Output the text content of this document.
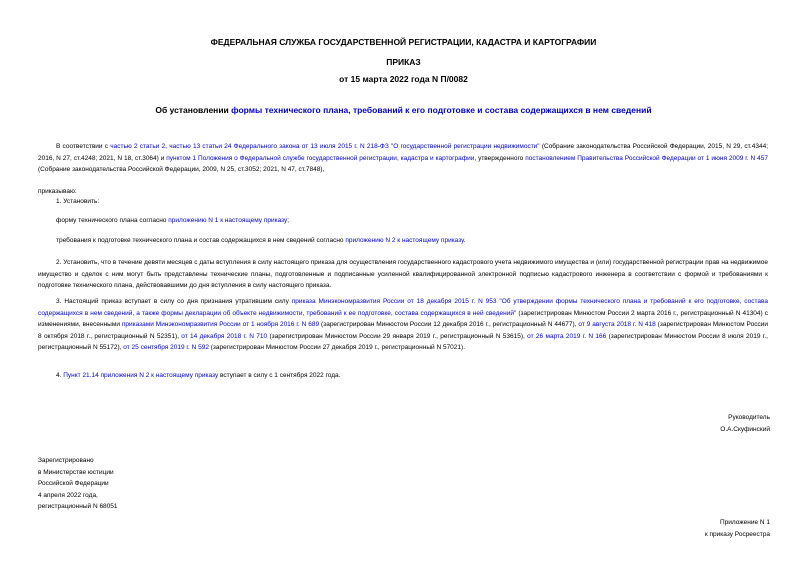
ФЕДЕРАЛЬНАЯ СЛУЖБА ГОСУДАРСТВЕННОЙ РЕГИСТРАЦИИ, КАДАСТРА И КАРТОГРАФИИ
ПРИКАЗ
от 15 марта 2022 года N П/0082
Об установлении формы технического плана, требований к его подготовке и состава содержащихся в нем сведений
В соответствии с частью 2 статьи 2, частью 13 статьи 24 Федерального закона от 13 июля 2015 г. N 218-ФЗ "О государственной регистрации недвижимости" (Собрание законодательства Российской Федерации, 2015, N 29, ст.4344; 2016, N 27, ст.4248; 2021, N 18, ст.3064) и пунктом 1 Положения о Федеральной службе государственной регистрации, кадастра и картографии, утвержденного постановлением Правительства Российской Федерации от 1 июня 2009 г. N 457 (Собрание законодательства Российской Федерации, 2009, N 25, ст.3052; 2021, N 47, ст.7848),
приказываю:
1. Установить:
форму технического плана согласно приложению N 1 к настоящему приказу;
требования к подготовке технического плана и состав содержащихся в нем сведений согласно приложению N 2 к настоящему приказу.
2. Установить, что в течение девяти месяцев с даты вступления в силу настоящего приказа для осуществления государственного кадастрового учета недвижимого имущества и (или) государственной регистрации прав на недвижимое имущество и сделок с ним могут быть представлены технические планы, подготовленные и подписанные усиленной квалифицированной электронной подписью кадастрового инженера в соответствии с формой и требованиями к подготовке технического плана, действовавшими до дня вступления в силу настоящего приказа.
3. Настоящий приказ вступает в силу со дня признания утратившим силу приказа Минэкономразвития России от 18 декабря 2015 г. N 953 "Об утверждении формы технического плана и требований к его подготовке, состава содержащихся в нем сведений, а также формы декларации об объекте недвижимости, требований к ее подготовке, состава содержащихся в ней сведений" (зарегистрирован Минюстом России 2 марта 2016 г., регистрационный N 41304) с изменениями, внесенными приказами Минэкономразвития России от 1 ноября 2016 г. N 689 (зарегистрирован Минюстом России 12 декабря 2016 г., регистрационный N 44677), от 9 августа 2018 г. N 418 (зарегистрирован Минюстом России 8 октября 2018 г., регистрационный N 52351), от 14 декабря 2018 г. N 710 (зарегистрирован Минюстом России 29 января 2019 г., регистрационный N 53615), от 26 марта 2019 г. N 166 (зарегистрирован Минюстом России 8 июля 2019 г., регистрационный N 55172), от 25 сентября 2019 г. N 592 (зарегистрирован Минюстом России 27 декабря 2019 г., регистрационный N 57021).
4. Пункт 21.14 приложения N 2 к настоящему приказу вступает в силу с 1 сентября 2022 года.
Руководитель
О.А.Скуфинский
Зарегистрировано
в Министерстве юстиции
Российской Федерации
4 апреля 2022 года,
регистрационный N 68051
Приложение N 1
к приказу Росреестра
